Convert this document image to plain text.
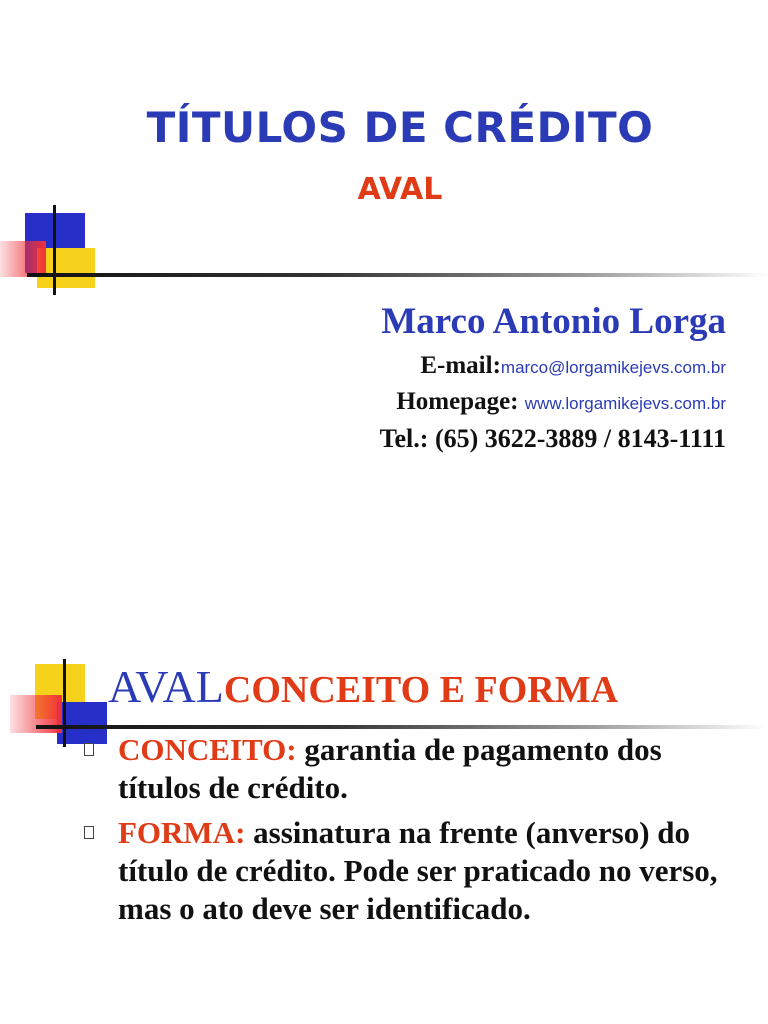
TÍTULOS DE CRÉDITO
AVAL
Marco Antonio Lorga
E-mail:marco@lorgamikejevs.com.br
Homepage: www.lorgamikejevs.com.br
Tel.: (65) 3622-3889 / 8143-1111
AVALCONCEITO E FORMA
CONCEITO: garantia de pagamento dos títulos de crédito.
FORMA: assinatura na frente (anverso) do título de crédito. Pode ser praticado no verso, mas o ato deve ser identificado.
